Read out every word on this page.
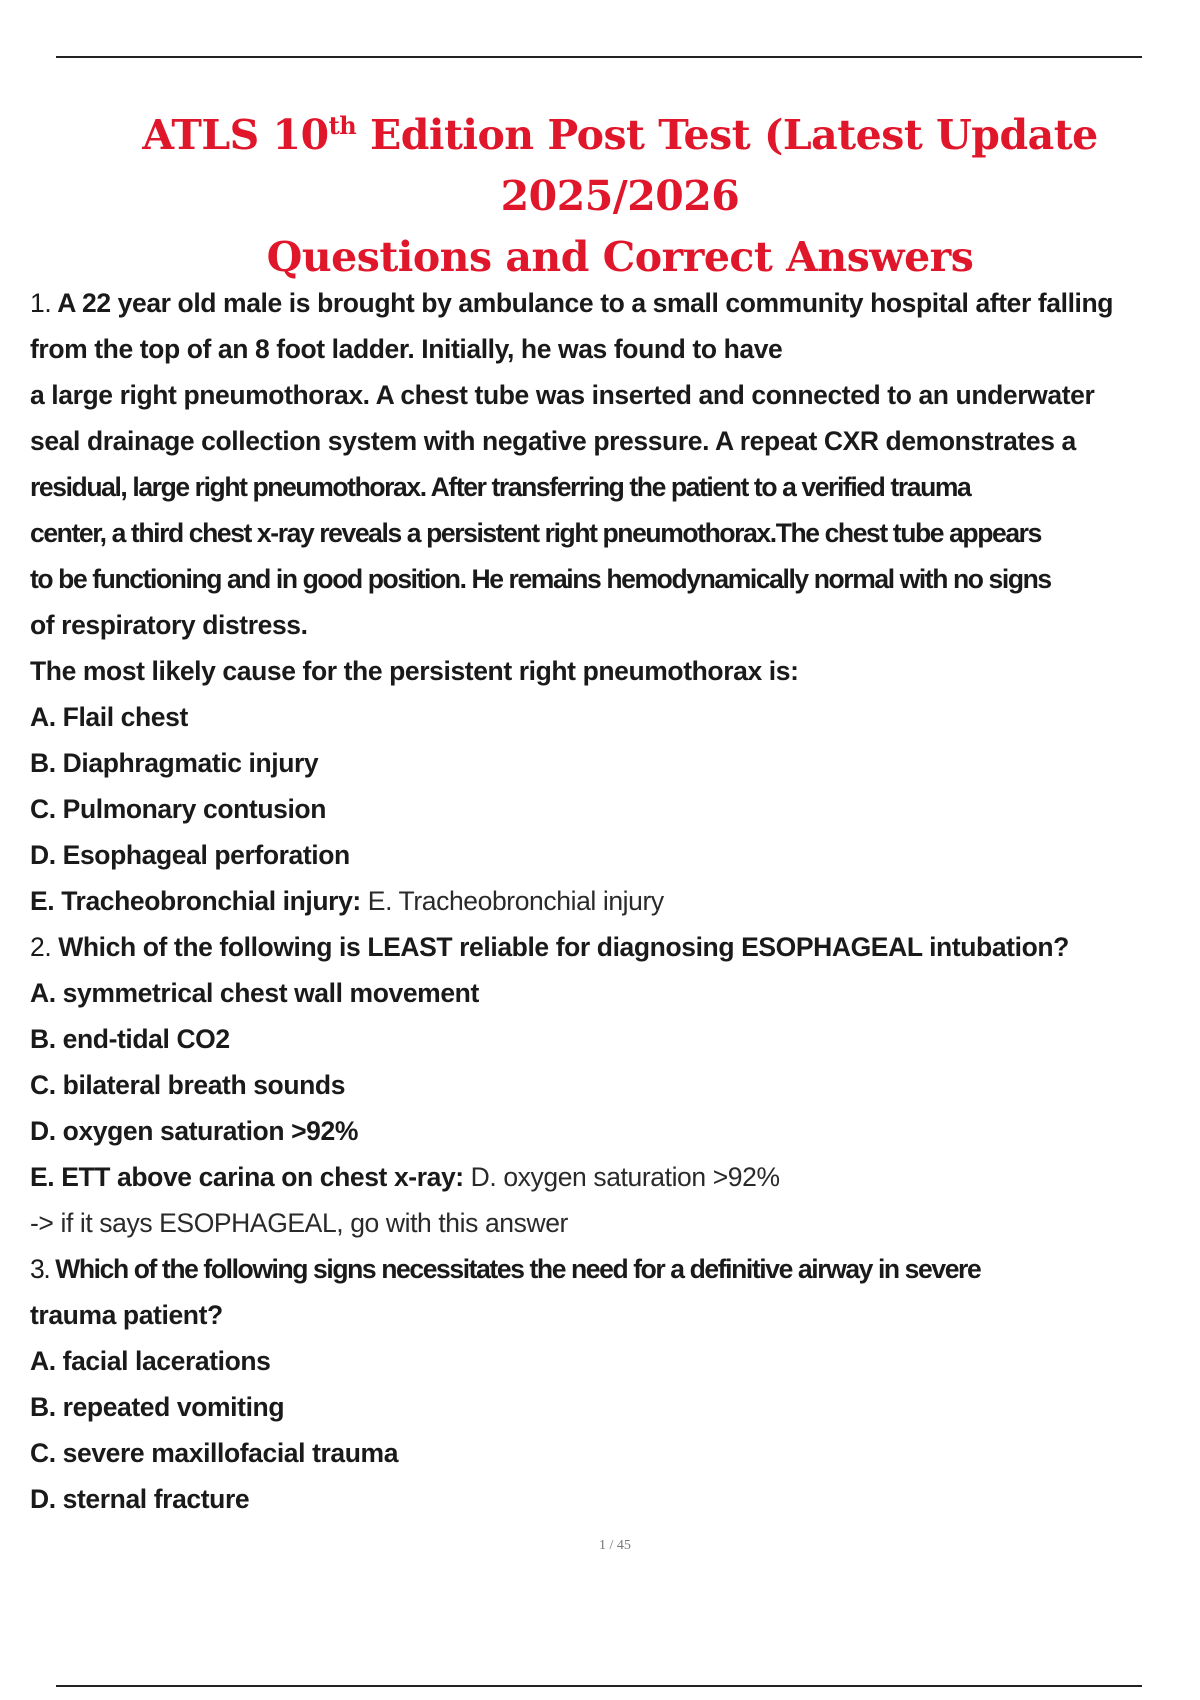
ATLS 10th Edition Post Test (Latest Update 2025/2026
Questions and Correct Answers
1. A 22 year old male is brought by ambulance to a small community hospital after falling
from the top of an 8 foot ladder. Initially, he was found to have
a large right pneumothorax. A chest tube was inserted and connected to an underwater
seal drainage collection system with negative pressure. A repeat CXR demonstrates a
residual, large right pneumothorax. After transferring the patient to a verified trauma
center, a third chest x-ray reveals a persistent right pneumothorax.The chest tube appears
to be functioning and in good position. He remains hemodynamically normal with no signs
of respiratory distress.
The most likely cause for the persistent right pneumothorax is:
A. Flail chest
B. Diaphragmatic injury
C. Pulmonary contusion
D. Esophageal perforation
E. Tracheobronchial injury: E. Tracheobronchial injury
2. Which of the following is LEAST reliable for diagnosing ESOPHAGEAL intubation?
A. symmetrical chest wall movement
B. end-tidal CO2
C. bilateral breath sounds
D. oxygen saturation >92%
E. ETT above carina on chest x-ray: D. oxygen saturation >92%
-> if it says ESOPHAGEAL, go with this answer
3. Which of the following signs necessitates the need for a definitive airway in severe
trauma patient?
A. facial lacerations
B. repeated vomiting
C. severe maxillofacial trauma
D. sternal fracture
1 / 45
